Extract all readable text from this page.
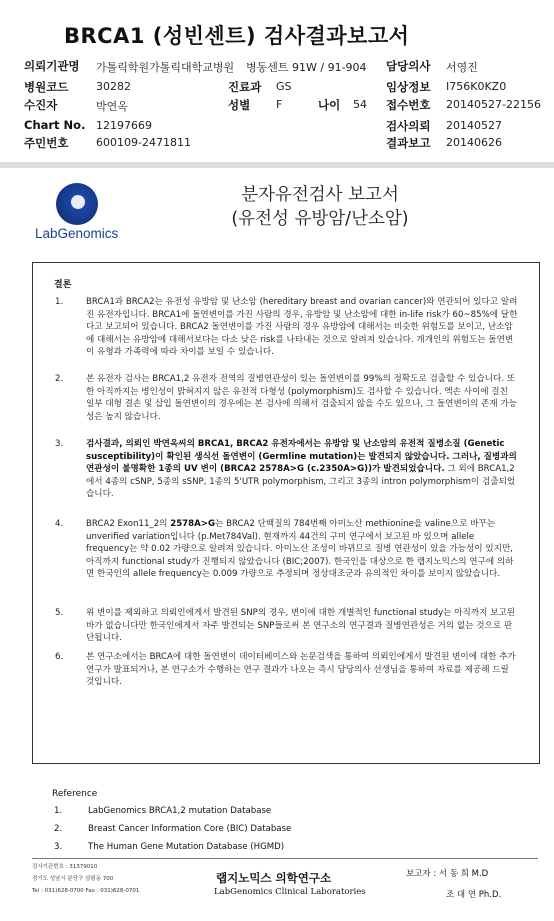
BRCA1 (성빈센트) 검사결과보고서
의뢰기관명 가톨릭학원가톨릭대학교병원 병동센트 91W / 91-904 담당의사 서영진
병원코드	30282	진료과 GS	임상정보 I756K0KZ0
수진자	박연옥	성별 F	나이 54 접수번호 20140527-22156
Chart No. 12197669	검사의뢰 20140527
주민번호	600109-2471811	결과보고 20140626
LabGenomics
분자유전검사 보고서
(유전성 유방암/난소암)
결론
1.	BRCA1과 BRCA2는 유전성 유방암 및 난소암 (hereditary breast and ovarian cancer)와 연관되어 있다고 알려진 유전자입니다. BRCA1에 돌연변이를 가진 사람의 경우, 유방암 및 난소암에 대한 in-life risk가 60~85%에 달한다고 보고되어 있습니다. BRCA2 돌연변이를 가진 사람의 경우 유방암에 대해서는 비슷한 위험도를 보이고, 난소암에 대해서는 유방암에 대해서보다는 다소 낮은 risk를 나타내는 것으로 알려져 있습니다. 개개인의 위험도는 돌연변이 유형과 가족력에 따라 차이를 보일 수 있습니다.
2.	본 유전자 검사는 BRCA1,2 유전자 전역의 질병연관성이 있는 돌연변이를 99%의 정확도로 검출할 수 있습니다. 또한 아직까지는 병인성이 밝혀지지 않은 유전적 다형성 (polymorphism)도 검사할 수 있습니다. 엑손 사이에 걸친 일부 대형 결손 및 삽입 돌연변이의 경우에는 본 검사에 의해서 검출되지 않을 수도 있으나, 그 돌연변이의 존재 가능성은 높지 않습니다.
3.	검사결과, 의뢰인 박연옥씨의 BRCA1, BRCA2 유전자에서는 유방암 및 난소암의 유전적 질병소질 (Genetic susceptibility)이 확인된 생식선 돌연변이 (Germline mutation)는 발견되지 않았습니다. 그러나, 질병과의 연관성이 불명확한 1종의 UV 변이 (BRCA2 2578A>G (c.2350A>G))가 발견되었습니다. 그 외에 BRCA1,2에서 4종의 cSNP, 5종의 sSNP, 1종의 5'UTR polymorphism, 그리고 3종의 intron polymorphism이 검출되었습니다.
4.	BRCA2 Exon11_2의 2578A>G는 BRCA2 단백질의 784번째 아미노산 methionine을 valine으로 바꾸는 unverified variation입니다 (p.Met784Val). 현재까지 44건의 구미 연구에서 보고된 바 있으며 allele frequency는 약 0.02 가량으로 알려져 있습니다. 아미노산 조성이 바뀌므로 질병 연관성이 있을 가능성이 있지만, 아직까지 functional study가 진행되지 않았습니다 (BIC;2007). 한국인을 대상으로 한 랩지노믹스의 연구에 의하면 한국인의 allele frequency는 0.009 가량으로 추정되며 정상대조군과 유의적인 차이를 보이지 않았습니다.
5.	위 변이를 제외하고 의뢰인에게서 발견된 SNP의 경우, 변이에 대한 개별적인 functional study는 아직까지 보고된 바가 없습니다만 한국인에게서 자주 발견되는 SNP들로써 본 연구소의 연구결과 질병연관성은 거의 없는 것으로 판단됩니다.
6.	본 연구소에서는 BRCA에 대한 돌연변이 데이터베이스와 논문검색을 통하여 의뢰인에게서 발견된 변이에 대한 추가 연구가 발표되거나, 본 연구소가 수행하는 연구 결과가 나오는 즉시 담당의사 선생님을 통하여 자료를 제공해 드릴 것입니다.
Reference
1.	LabGenomics BRCA1,2 mutation Database
2.	Breast Cancer Information Core (BIC) Database
3.	The Human Gene Mutation Database (HGMD)
검사기관번호 : 31379010
경기도 성남시 분당구 삼평동 700
Tel : 031)628-0700 Fax : 031)628-0701
랩지노믹스 의학연구소
LabGenomics Clinical Laboratories
보고자 : 서 동 희 M.D
조 대 연 Ph.D.
